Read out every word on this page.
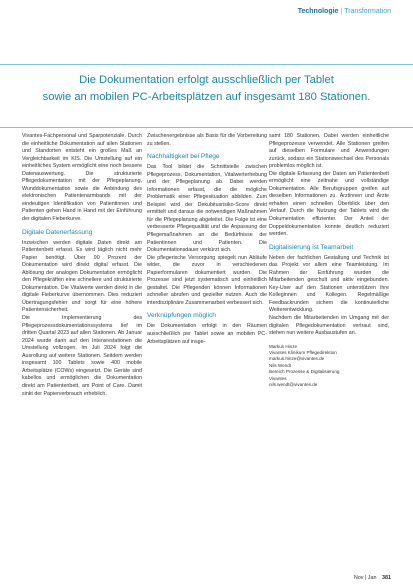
Technologie | Transformation
Die Dokumentation erfolgt ausschließlich per Tablet
sowie an mobilen PC-Arbeitsplätzen auf insgesamt 180 Stationen.

Vivantes-Fachpersonal und Sparpotenziale. Durch die einheitliche Dokumentation auf allen Stationen und Standorten entsteht ein großes Maß an Vergleichbarkeit im KIS. Die Umstellung auf ein einheitliches System ermöglicht eine noch bessere Datenauswertung. Die strukturierte Pflegedokumentation mit der Pflegeplanung, Wunddokumentation sowie die Anbindung des elektronischen Patientenarmbands mit der eindeutigen Identifikation von Patientinnen und Patienten gehen Hand in Hand mit der Einführung der digitalen Fieberkurve.

Digitale Datenerfassung

Inzwischen werden digitale Daten direkt am Patientenbett erfasst. Es wird täglich nicht mehr Papier benötigt. Über 90 Prozent der Dokumentation wird direkt digital erfasst. Die Ablösung der analogen Dokumentation ermöglicht den Pflegekräften eine schnellere und strukturierte Dokumentation. Die Vitalwerte werden direkt in die digitale Fieberkurve übernommen. Dies reduziert Übertragungsfehler und sorgt für eine höhere Patientensicherheit.

Die Implementierung des Pflegeprozessdokumentationssystems lief im dritten Quartal 2023 auf allen Stationen. Ab Januar 2024 wurde dann auf den Intensivstationen die Umstellung vollzogen. Im Juli 2024 folgt die Ausrollung auf weitere Stationen. Seitdem werden insgesamt 100 Tablets sowie 400 mobile Arbeitsplätze (COWs) eingesetzt. Die Geräte sind kabellos und ermöglichen die Dokumentation direkt am Patientenbett, am Point of Care. Damit sinkt der Papierverbrauch erheblich.

Zwischenergebnisse als Basis für die Vorbereitung zu stellen.

Nachhaltigkeit bei Pflege

Das Tool bildet die Schnittstelle zwischen Pflegeprozess, Dokumentation, Vitalwerterhebung und der Pflegeplanung ab. Dabei werden Informationen erfasst, die die mögliche Problematik einer Pflegesituation abbilden. Zum Beispiel wird der Dekubitusrisiko-Score direkt ermittelt und daraus die notwendigen Maßnahmen für die Pflegeplanung abgeleitet. Die Folge ist eine verbesserte Pflegequalität und die Anpassung der Pflegemaßnahmen an die Bedürfnisse der Patientinnen und Patienten. Die Dokumentationsdauer verkürzt sich.

Die pflegerische Versorgung spiegelt nun Abläufe wider, die zuvor in verschiedenen Papierformularen dokumentiert wurden. Die Prozesse sind jetzt systematisch und einheitlich gestaltet. Die Pflegenden können Informationen schneller abrufen und gezielter nutzen. Auch die interdisziplinäre Zusammenarbeit verbessert sich.

Verknüpfungen möglich

Die Dokumentation erfolgt in den Räumen ausschließlich per Tablet sowie an mobilen PC-Arbeitsplätzen auf insge-

samt 180 Stationen. Dabei werden einheitliche Pflegeprozesse verwendet. Alle Stationen greifen auf dieselben Formulare und Anwendungen zurück, sodass ein Stationswechsel des Personals problemlos möglich ist.

Die digitale Erfassung der Daten am Patientenbett ermöglicht eine zeitnahe und vollständige Dokumentation. Alle Berufsgruppen greifen auf dieselben Informationen zu. Ärztinnen und Ärzte erhalten einen schnellen Überblick über den Verlauf. Durch die Nutzung der Tablets wird die Dokumentation effizienter. Der Anteil der Doppeldokumentation konnte deutlich reduziert werden.

Digitalisierung ist Teamarbeit

Neben der fachlichen Gestaltung und Technik ist das Projekt vor allem eine Teamleistung. Im Rahmen der Einführung wurden die Mitarbeitenden geschult und aktiv eingebunden. Key-User auf den Stationen unterstützen ihre Kolleginnen und Kollegen. Regelmäßige Feedbackrunden sichern die kontinuierliche Weiterentwicklung.

Nachdem die Mitarbeitenden im Umgang mit der digitalen Pflegedokumentation vertraut sind, stehen nun weitere Ausbaustufen an.

Markus Hinze
Vivantes Klinikum Pflegedirektion
markus.hinze@vivantes.de
Nils Wendt
Bereich Prozesse & Digitalisierung
Vivantes
nils.wendt@vivantes.de
Nov | Jan 381
